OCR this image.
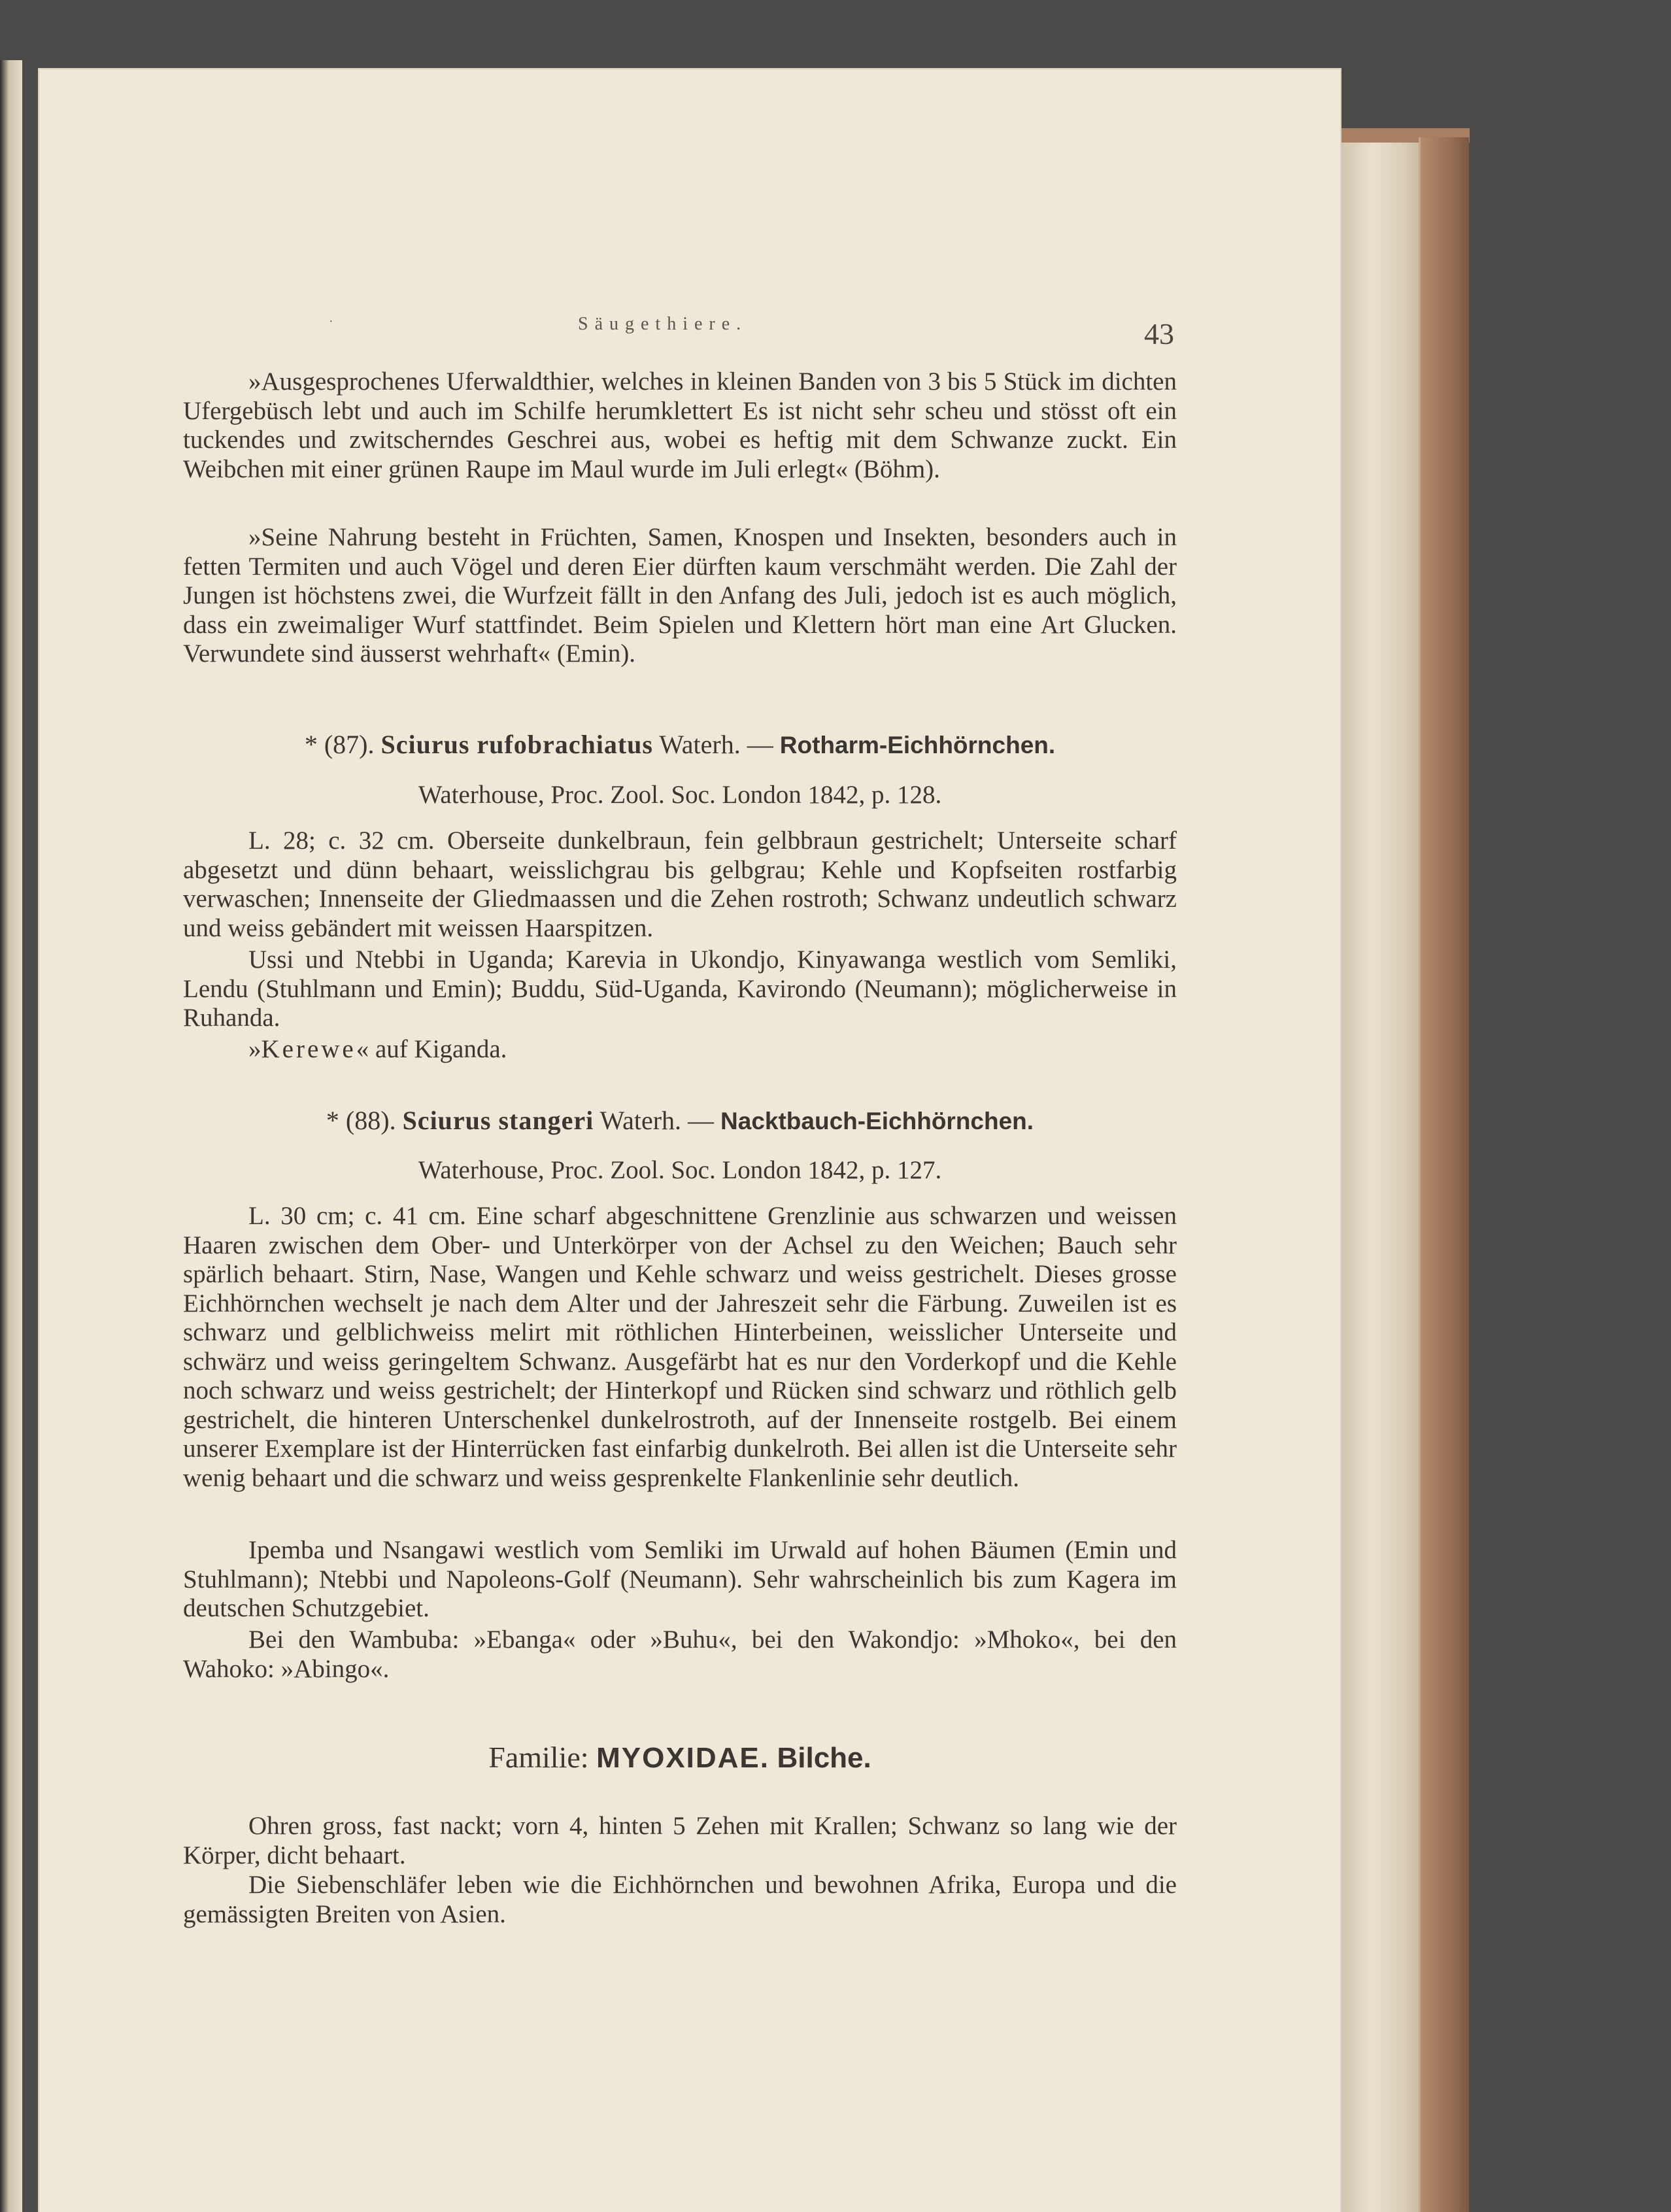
·	Säugethiere.	43

»Ausgesprochenes Uferwaldthier, welches in kleinen Banden von 3 bis 5 Stück im dichten Ufergebüsch lebt und auch im Schilfe herumklettert Es ist nicht sehr scheu und stösst oft ein tuckendes und zwitscherndes Geschrei aus, wobei es heftig mit dem Schwanze zuckt. Ein Weibchen mit einer grünen Raupe im Maul wurde im Juli erlegt« (Böhm).

»Seine Nahrung besteht in Früchten, Samen, Knospen und Insekten, besonders auch in fetten Termiten und auch Vögel und deren Eier dürften kaum verschmäht werden. Die Zahl der Jungen ist höchstens zwei, die Wurfzeit fällt in den Anfang des Juli, jedoch ist es auch möglich, dass ein zweimaliger Wurf stattfindet. Beim Spielen und Klettern hört man eine Art Glucken. Verwundete sind äusserst wehrhaft« (Emin).

* (87). Sciurus rufobrachiatus Waterh. — Rotharm-Eichhörnchen.

Waterhouse, Proc. Zool. Soc. London 1842, p. 128.

L. 28; c. 32 cm. Oberseite dunkelbraun, fein gelbbraun gestrichelt; Unterseite scharf abgesetzt und dünn behaart, weisslichgrau bis gelbgrau; Kehle und Kopfseiten rostfarbig verwaschen; Innenseite der Gliedmaassen und die Zehen rostroth; Schwanz undeutlich schwarz und weiss gebändert mit weissen Haarspitzen.

Ussi und Ntebbi in Uganda; Karevia in Ukondjo, Kinyawanga westlich vom Semliki, Lendu (Stuhlmann und Emin); Buddu, Süd-Uganda, Kavirondo (Neumann); möglicherweise in Ruhanda.

»Kerewe« auf Kiganda.

* (88). Sciurus stangeri Waterh. — Nacktbauch-Eichhörnchen.

Waterhouse, Proc. Zool. Soc. London 1842, p. 127.

L. 30 cm; c. 41 cm. Eine scharf abgeschnittene Grenzlinie aus schwarzen und weissen Haaren zwischen dem Ober- und Unterkörper von der Achsel zu den Weichen; Bauch sehr spärlich behaart. Stirn, Nase, Wangen und Kehle schwarz und weiss gestrichelt. Dieses grosse Eichhörnchen wechselt je nach dem Alter und der Jahreszeit sehr die Färbung. Zuweilen ist es schwarz und gelblichweiss melirt mit röthlichen Hinterbeinen, weisslicher Unterseite und schwärz und weiss geringeltem Schwanz. Ausgefärbt hat es nur den Vorderkopf und die Kehle noch schwarz und weiss gestrichelt; der Hinterkopf und Rücken sind schwarz und röthlich gelb gestrichelt, die hinteren Unterschenkel dunkelrostroth, auf der Innenseite rostgelb. Bei einem unserer Exemplare ist der Hinterrücken fast einfarbig dunkelroth. Bei allen ist die Unterseite sehr wenig behaart und die schwarz und weiss gesprenkelte Flankenlinie sehr deutlich.

Ipemba und Nsangawi westlich vom Semliki im Urwald auf hohen Bäumen (Emin und Stuhlmann); Ntebbi und Napoleons-Golf (Neumann). Sehr wahrscheinlich bis zum Kagera im deutschen Schutzgebiet.

Bei den Wambuba: »Ebanga« oder »Buhu«, bei den Wakondjo: »Mhoko«, bei den Wahoko: »Abingo«.

Familie: MYOXIDAE. Bilche.

Ohren gross, fast nackt; vorn 4, hinten 5 Zehen mit Krallen; Schwanz so lang wie der Körper, dicht behaart.

Die Siebenschläfer leben wie die Eichhörnchen und bewohnen Afrika, Europa und die gemässigten Breiten von Asien.
